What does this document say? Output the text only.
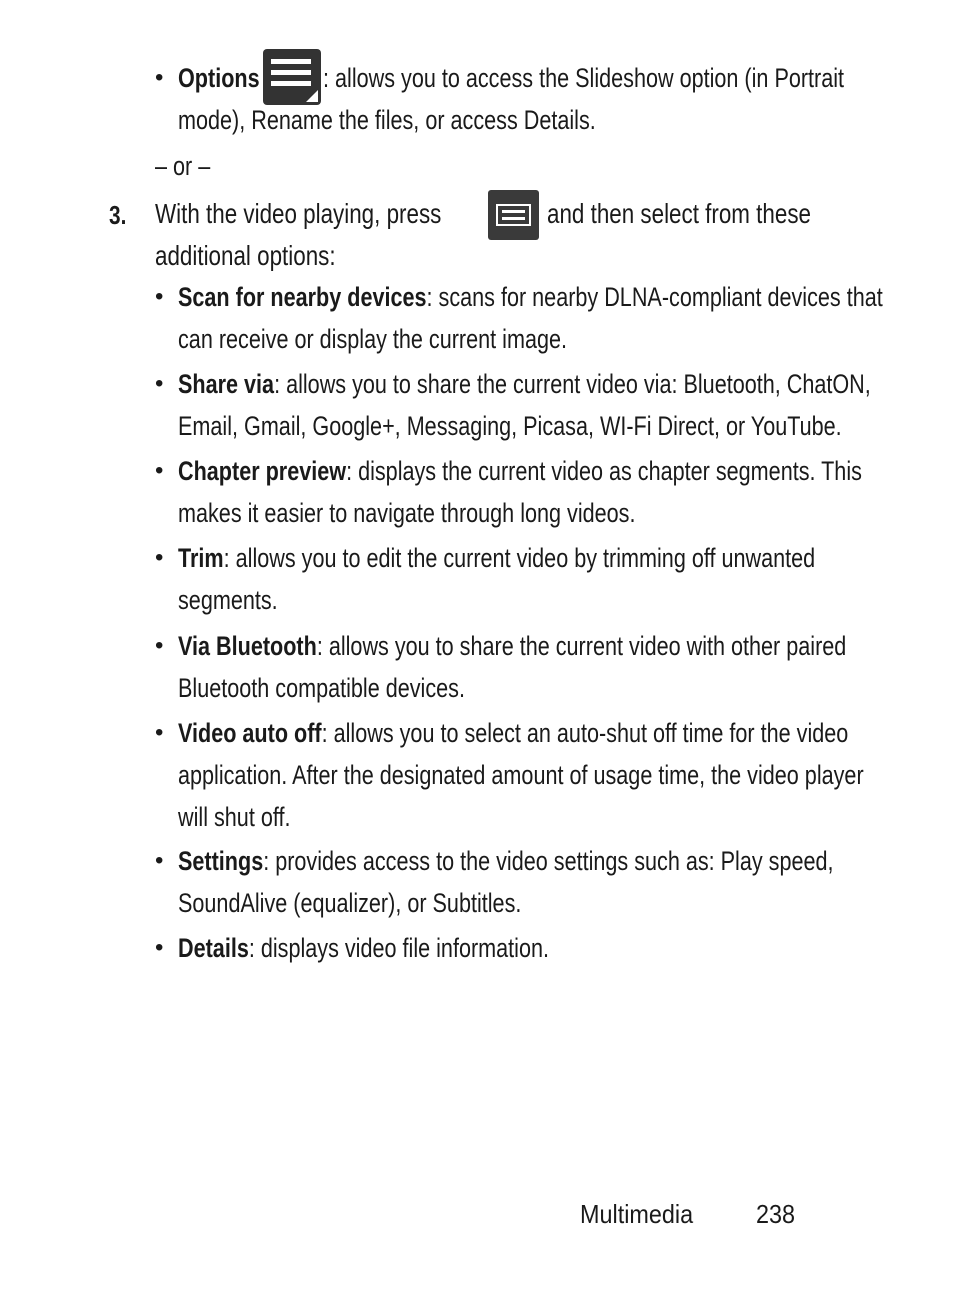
• Options	: allows you to access the Slideshow option (in Portrait
mode), Rename the files, or access Details.
– or –
3. With the video playing, press	and then select from these
additional options:
• Scan for nearby devices: scans for nearby DLNA-compliant devices that
can receive or display the current image.
• Share via: allows you to share the current video via: Bluetooth, ChatON,
Email, Gmail, Google+, Messaging, Picasa, WI-Fi Direct, or YouTube.
• Chapter preview: displays the current video as chapter segments. This
makes it easier to navigate through long videos.
• Trim: allows you to edit the current video by trimming off unwanted
segments.
• Via Bluetooth: allows you to share the current video with other paired
Bluetooth compatible devices.
• Video auto off: allows you to select an auto-shut off time for the video
application. After the designated amount of usage time, the video player
will shut off.
• Settings: provides access to the video settings such as: Play speed,
SoundAlive (equalizer), or Subtitles.
• Details: displays video file information.
Multimedia	238
